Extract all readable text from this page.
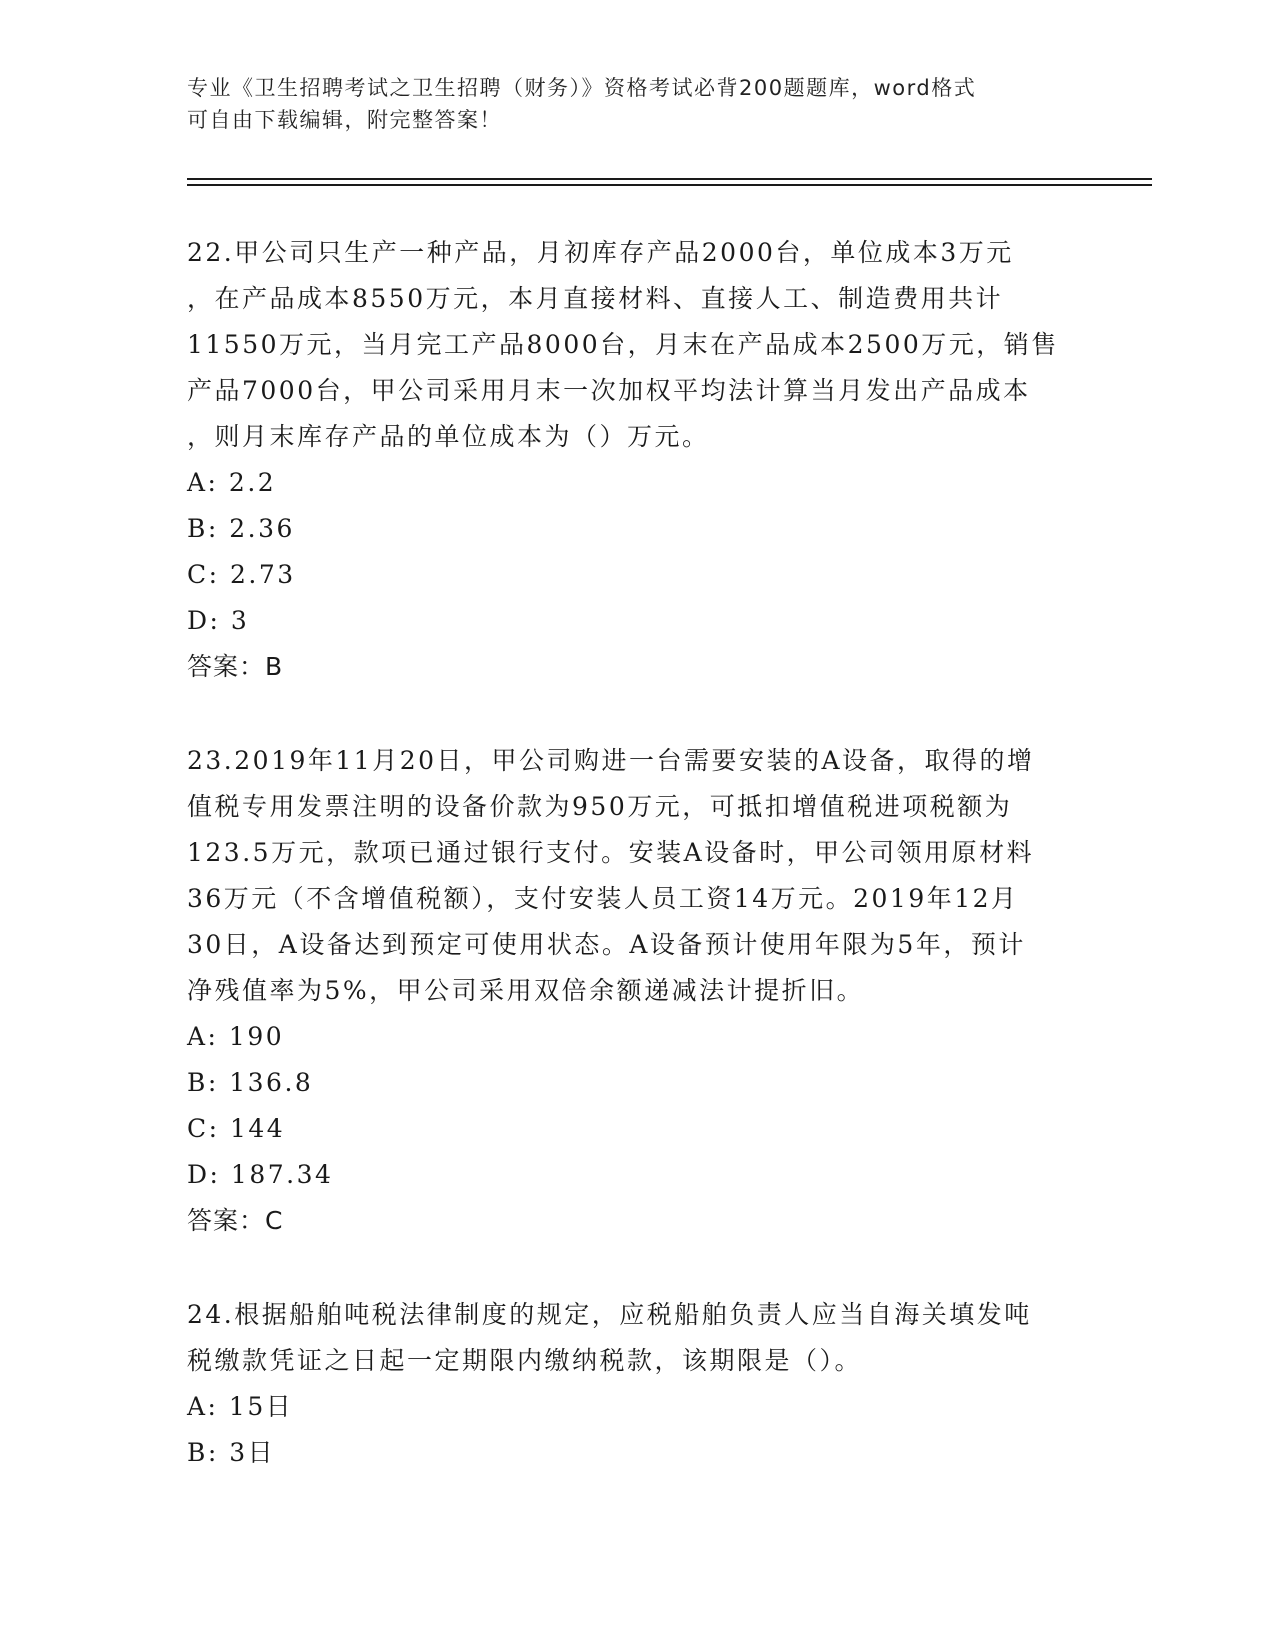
专业《卫生招聘考试之卫生招聘（财务）》资格考试必背200题题库，word格式
可自由下载编辑，附完整答案！

22.甲公司只生产一种产品，月初库存产品2000台，单位成本3万元
，在产品成本8550万元，本月直接材料、直接人工、制造费用共计
11550万元，当月完工产品8000台，月末在产品成本2500万元，销售
产品7000台，甲公司采用月末一次加权平均法计算当月发出产品成本
，则月末库存产品的单位成本为（）万元。

A: 2.2

B: 2.36

C: 2.73

D: 3

答案：B

23.2019年11月20日，甲公司购进一台需要安装的A设备，取得的增
值税专用发票注明的设备价款为950万元，可抵扣增值税进项税额为
123.5万元，款项已通过银行支付。安装A设备时，甲公司领用原材料
36万元（不含增值税额），支付安装人员工资14万元。2019年12月
30日，A设备达到预定可使用状态。A设备预计使用年限为5年，预计
净残值率为5%，甲公司采用双倍余额递减法计提折旧。

A: 190

B: 136.8

C: 144

D: 187.34

答案：C

24.根据船舶吨税法律制度的规定，应税船舶负责人应当自海关填发吨
税缴款凭证之日起一定期限内缴纳税款，该期限是（）。

A: 15日

B: 3日
